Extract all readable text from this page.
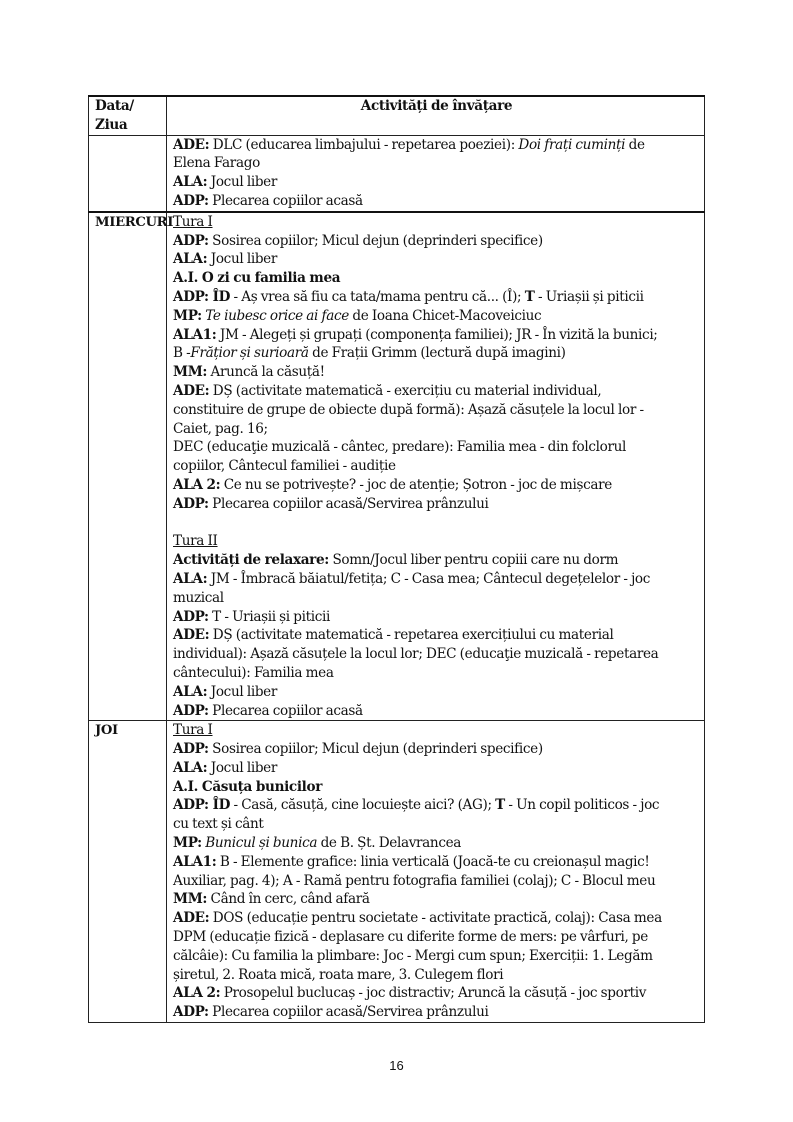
Data/
Ziua	Activități de învățare

	ADE: DLC (educarea limbajului - repetarea poeziei): Doi frați cuminți de
Elena Farago
ALA: Jocul liber
ADP: Plecarea copiilor acasă

MIERCURI	Tura I
ADP: Sosirea copiilor; Micul dejun (deprinderi specifice)
ALA: Jocul liber
A.I. O zi cu familia mea
ADP: ÎD - Aș vrea să fiu ca tata/mama pentru că... (Î); T - Uriașii și piticii
MP: Te iubesc orice ai face de Ioana Chicet-Macoveiciuc
ALA1: JM - Alegeți și grupați (componența familiei); JR - În vizită la bunici;
B -Frățior și surioară de Frații Grimm (lectură după imagini)
MM: Aruncă la căsuță!
ADE: DȘ (activitate matematică - exercițiu cu material individual,
constituire de grupe de obiecte după formă): Așază căsuțele la locul lor -
Caiet, pag. 16;
DEC (educaţie muzicală - cântec, predare): Familia mea - din folclorul
copiilor, Cântecul familiei - audiție
ALA 2: Ce nu se potrivește? - joc de atenție; Șotron - joc de mișcare
ADP: Plecarea copiilor acasă/Servirea prânzului
Tura II
Activități de relaxare: Somn/Jocul liber pentru copiii care nu dorm
ALA: JM - Îmbracă băiatul/fetița; C - Casa mea; Cântecul degețelelor - joc
muzical
ADP: T - Uriașii și piticii
ADE: DȘ (activitate matematică - repetarea exercițiului cu material
individual): Așază căsuțele la locul lor; DEC (educaţie muzicală - repetarea
cântecului): Familia mea
ALA: Jocul liber
ADP: Plecarea copiilor acasă

JOI	Tura I
ADP: Sosirea copiilor; Micul dejun (deprinderi specifice)
ALA: Jocul liber
A.I. Căsuța bunicilor
ADP: ÎD - Casă, căsuță, cine locuiește aici? (AG); T - Un copil politicos - joc
cu text și cânt
MP: Bunicul și bunica de B. Șt. Delavrancea
ALA1: B - Elemente grafice: linia verticală (Joacă-te cu creionașul magic!
Auxiliar, pag. 4); A - Ramă pentru fotografia familiei (colaj); C - Blocul meu
MM: Când în cerc, când afară
ADE: DOS (educație pentru societate - activitate practică, colaj): Casa mea
DPM (educație fizică - deplasare cu diferite forme de mers: pe vârfuri, pe
călcâie): Cu familia la plimbare: Joc - Mergi cum spun; Exerciții: 1. Legăm
șiretul, 2. Roata mică, roata mare, 3. Culegem flori
ALA 2: Prosopelul buclucaș - joc distractiv; Aruncă la căsuță - joc sportiv
ADP: Plecarea copiilor acasă/Servirea prânzului
16
